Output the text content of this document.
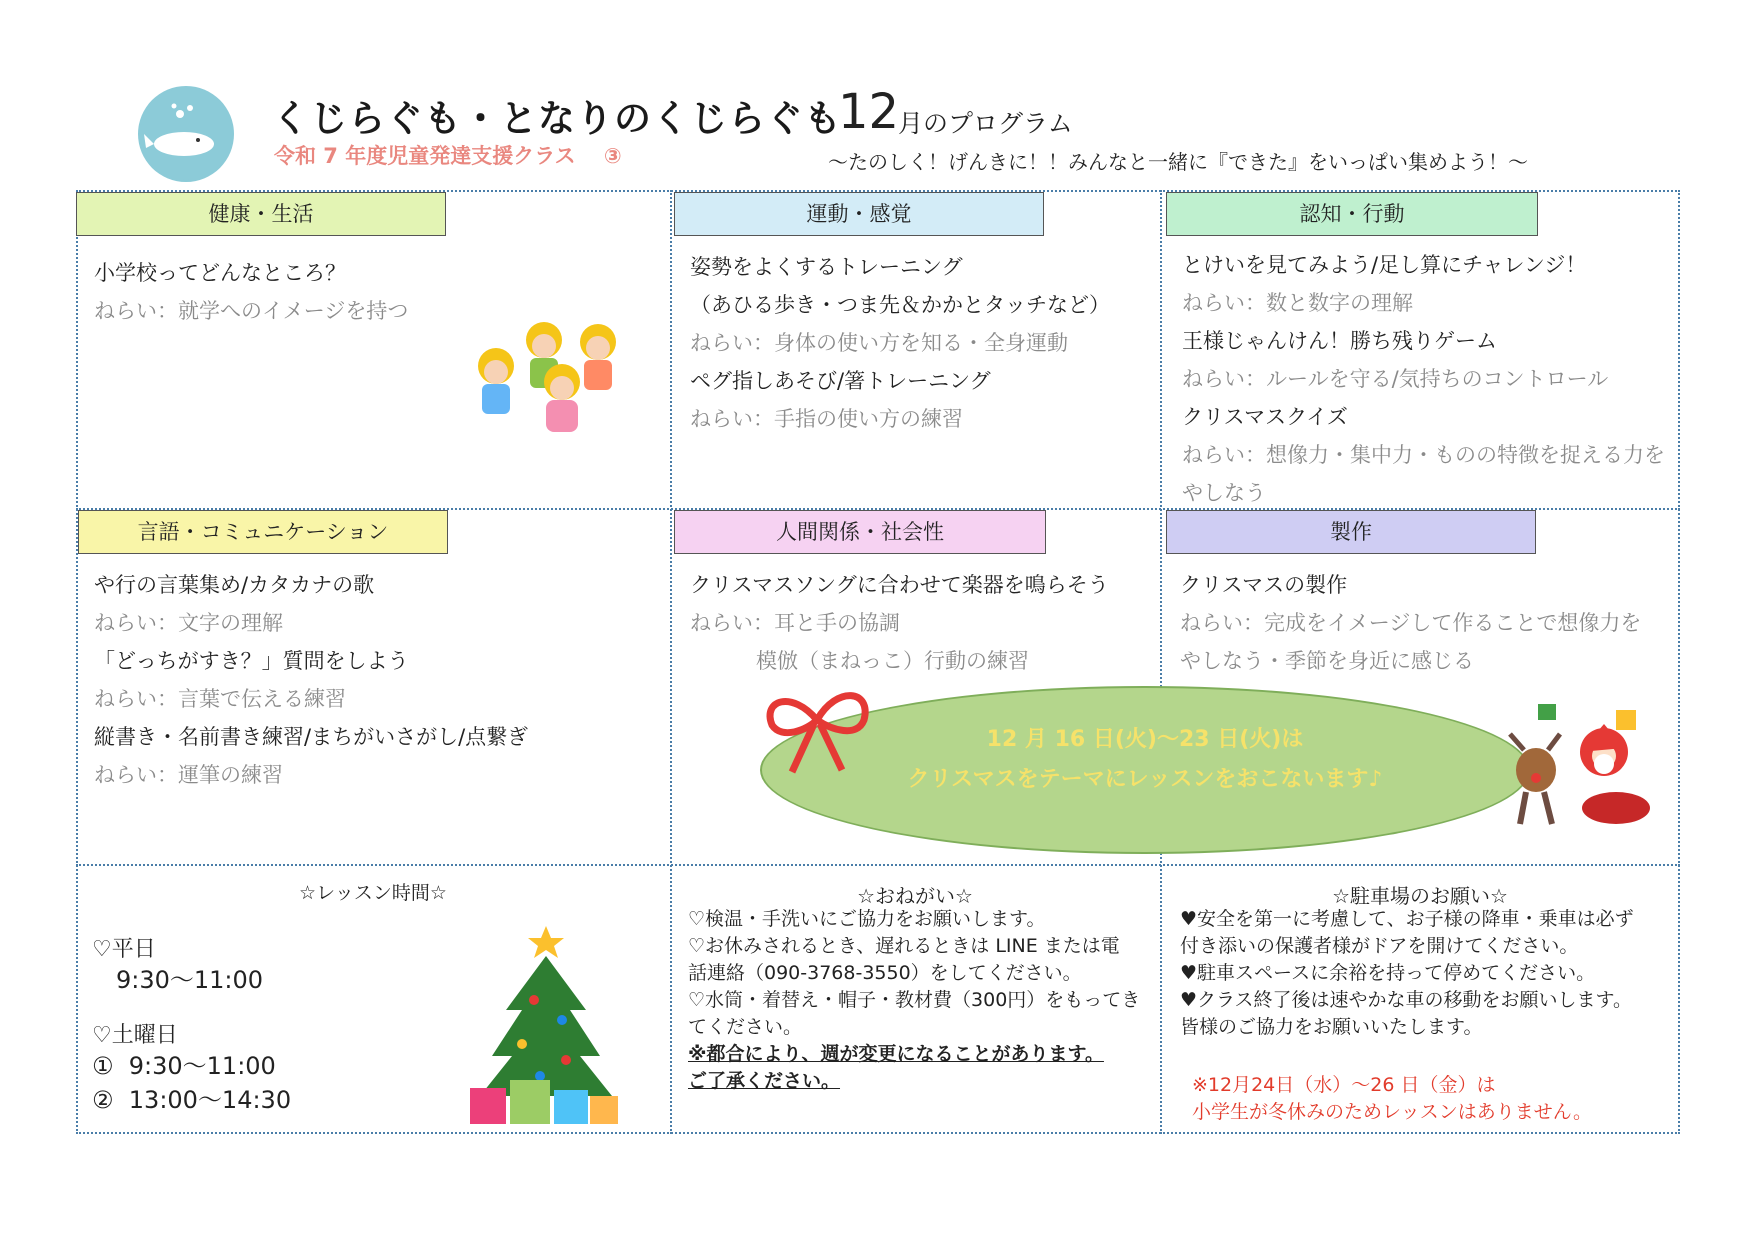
くじらぐも・となりのくじらぐも
令和 7 年度児童発達支援クラス　 ③
12
月のプログラム
～たのしく！げんきに！！みんなと一緒に『できた』をいっぱい集めよう！～
健康・生活
小学校ってどんなところ？
ねらい：就学へのイメージを持つ
運動・感覚
姿勢をよくするトレーニング
（あひる歩き・つま先＆かかとタッチなど）
ねらい：身体の使い方を知る・全身運動
ペグ指しあそび/箸トレーニング
ねらい：手指の使い方の練習
認知・行動
とけいを見てみよう/足し算にチャレンジ！
ねらい：数と数字の理解
王様じゃんけん！勝ち残りゲーム
ねらい：ルールを守る/気持ちのコントロール
クリスマスクイズ
ねらい：想像力・集中力・ものの特徴を捉える力を
やしなう
言語・コミュニケーション
や行の言葉集め/カタカナの歌
ねらい：文字の理解
「どっちがすき？」質問をしよう
ねらい：言葉で伝える練習
縦書き・名前書き練習/まちがいさがし/点繋ぎ
ねらい：運筆の練習
人間関係・社会性
クリスマスソングに合わせて楽器を鳴らそう
ねらい：耳と手の協調
模倣（まねっこ）行動の練習
製作
クリスマスの製作
ねらい：完成をイメージして作ることで想像力を
やしなう・季節を身近に感じる
12 月 16 日(火)～23 日(火)は
クリスマスをテーマにレッスンをおこないます♪
☆レッスン時間☆
♡平日
9:30～11:00
♡土曜日
①  9:30～11:00
②  13:00～14:30
☆おねがい☆
♡検温・手洗いにご協力をお願いします。
♡お休みされるとき、遅れるときは LINE または電
話連絡（090-3768-3550）をしてください。
♡水筒・着替え・帽子・教材費（300円）をもってき
てください。
※都合により、週が変更になることがあります。
ご了承ください。
☆駐車場のお願い☆
♥安全を第一に考慮して、お子様の降車・乗車は必ず
付き添いの保護者様がドアを開けてください。
♥駐車スペースに余裕を持って停めてください。
♥クラス終了後は速やかな車の移動をお願いします。
皆様のご協力をお願いいたします。
※12月24日（水）～26 日（金）は
小学生が冬休みのためレッスンはありません。
